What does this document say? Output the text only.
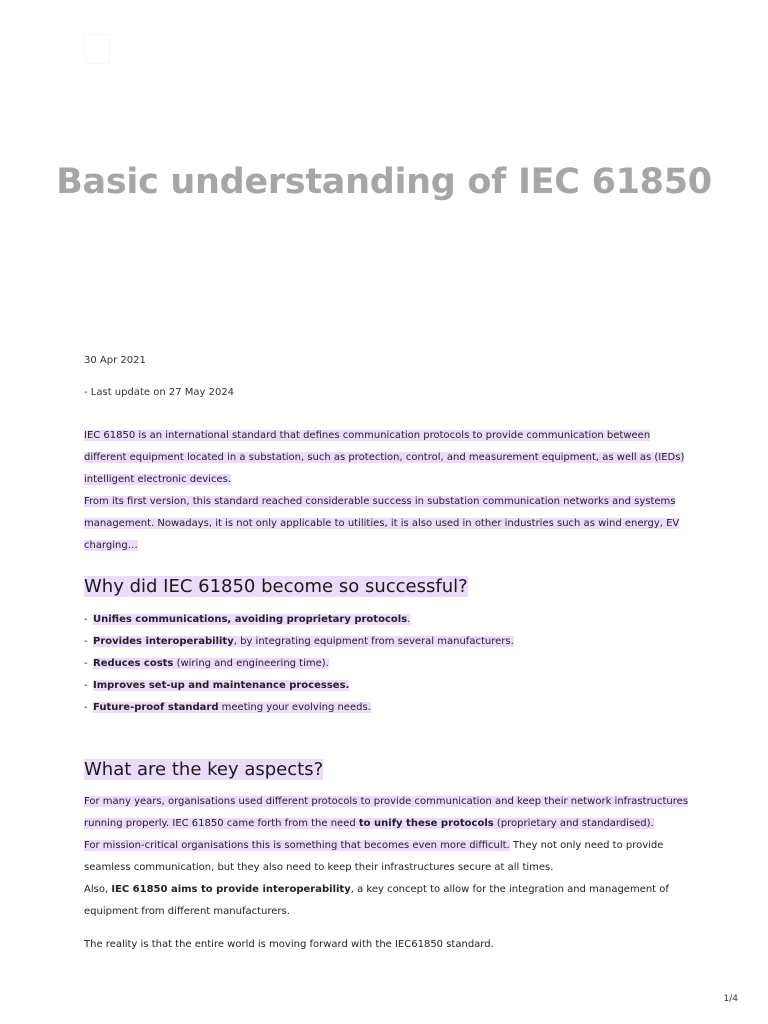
Basic understanding of IEC 61850
30 Apr 2021
- Last update on 27 May 2024

IEC 61850 is an international standard that defines communication protocols to provide communication between different equipment located in a substation, such as protection, control, and measurement equipment, as well as (IEDs) intelligent electronic devices.

From its first version, this standard reached considerable success in substation communication networks and systems management. Nowadays, it is not only applicable to utilities, it is also used in other industries such as wind energy, EV charging…

Why did IEC 61850 become so successful?
- Unifies communications, avoiding proprietary protocols.
- Provides interoperability, by integrating equipment from several manufacturers.
- Reduces costs (wiring and engineering time).
- Improves set-up and maintenance processes.
- Future-proof standard meeting your evolving needs.
What are the key aspects?

For many years, organisations used different protocols to provide communication and keep their network infrastructures running properly. IEC 61850 came forth from the need to unify these protocols (proprietary and standardised).

For mission-critical organisations this is something that becomes even more difficult. They not only need to provide seamless communication, but they also need to keep their infrastructures secure at all times.

Also, IEC 61850 aims to provide interoperability, a key concept to allow for the integration and management of equipment from different manufacturers.

The reality is that the entire world is moving forward with the IEC61850 standard.

1/4
